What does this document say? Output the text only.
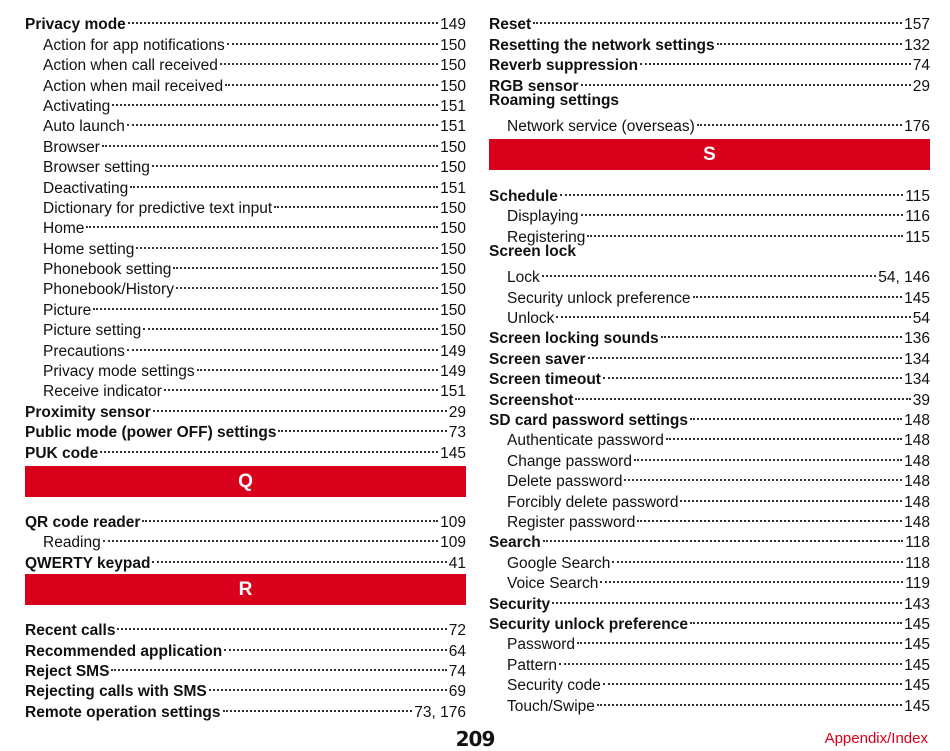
Privacy mode	149
Action for app notifications	150
Action when call received	150
Action when mail received	150
Activating	151
Auto launch	151
Browser	150
Browser setting	150
Deactivating	151
Dictionary for predictive text input	150
Home	150
Home setting	150
Phonebook setting	150
Phonebook/History	150
Picture	150
Picture setting	150
Precautions	149
Privacy mode settings	149
Receive indicator	151
Proximity sensor	29
Public mode (power OFF) settings	73
PUK code	145
Q
QR code reader	109
Reading	109
QWERTY keypad	41
R
Recent calls	72
Recommended application	64
Reject SMS	74
Rejecting calls with SMS	69
Remote operation settings	73, 176
Reset	157
Resetting the network settings	132
Reverb suppression	74
RGB sensor	29
Roaming settings
Network service (overseas)	176
S
Schedule	115
Displaying	116
Registering	115
Screen lock
Lock	54, 146
Security unlock preference	145
Unlock	54
Screen locking sounds	136
Screen saver	134
Screen timeout	134
Screenshot	39
SD card password settings	148
Authenticate password	148
Change password	148
Delete password	148
Forcibly delete password	148
Register password	148
Search	118
Google Search	118
Voice Search	119
Security	143
Security unlock preference	145
Password	145
Pattern	145
Security code	145
Touch/Swipe	145
209	Appendix/Index
